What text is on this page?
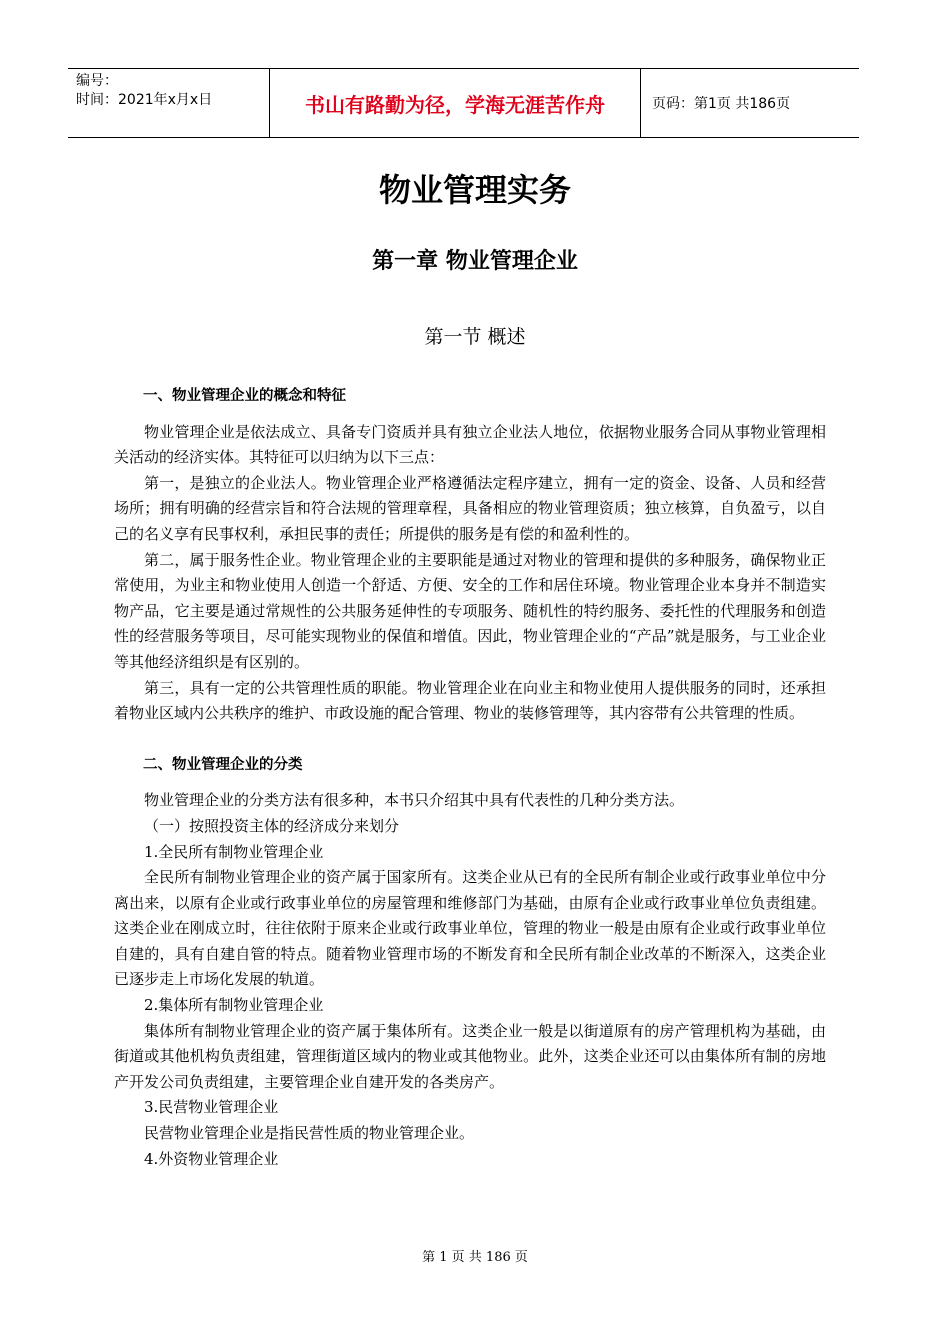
编号：
时间：2021年x月x日	书山有路勤为径，学海无涯苦作舟	页码：第1页 共186页
物业管理实务
第一章 物业管理企业
第一节 概述

一、物业管理企业的概念和特征

物业管理企业是依法成立、具备专门资质并具有独立企业法人地位，依据物业服务合同从事物业管理相关活动的经济实体。其特征可以归纳为以下三点：

第一，是独立的企业法人。物业管理企业严格遵循法定程序建立，拥有一定的资金、设备、人员和经营场所；拥有明确的经营宗旨和符合法规的管理章程，具备相应的物业管理资质；独立核算，自负盈亏，以自己的名义享有民事权利，承担民事的责任；所提供的服务是有偿的和盈利性的。

第二，属于服务性企业。物业管理企业的主要职能是通过对物业的管理和提供的多种服务，确保物业正常使用，为业主和物业使用人创造一个舒适、方便、安全的工作和居住环境。物业管理企业本身并不制造实物产品，它主要是通过常规性的公共服务延伸性的专项服务、随机性的特约服务、委托性的代理服务和创造性的经营服务等项目，尽可能实现物业的保值和增值。因此，物业管理企业的“产品”就是服务，与工业企业等其他经济组织是有区别的。

第三，具有一定的公共管理性质的职能。物业管理企业在向业主和物业使用人提供服务的同时，还承担着物业区域内公共秩序的维护、市政设施的配合管理、物业的装修管理等，其内容带有公共管理的性质。

二、物业管理企业的分类

物业管理企业的分类方法有很多种，本书只介绍其中具有代表性的几种分类方法。

（一）按照投资主体的经济成分来划分

1.全民所有制物业管理企业

全民所有制物业管理企业的资产属于国家所有。这类企业从已有的全民所有制企业或行政事业单位中分离出来，以原有企业或行政事业单位的房屋管理和维修部门为基础，由原有企业或行政事业单位负责组建。这类企业在刚成立时，往往依附于原来企业或行政事业单位，管理的物业一般是由原有企业或行政事业单位自建的，具有自建自管的特点。随着物业管理市场的不断发育和全民所有制企业改革的不断深入，这类企业已逐步走上市场化发展的轨道。

2.集体所有制物业管理企业

集体所有制物业管理企业的资产属于集体所有。这类企业一般是以街道原有的房产管理机构为基础，由街道或其他机构负责组建，管理街道区域内的物业或其他物业。此外，这类企业还可以由集体所有制的房地产开发公司负责组建，主要管理企业自建开发的各类房产。

3.民营物业管理企业

民营物业管理企业是指民营性质的物业管理企业。

4.外资物业管理企业

第 1 页 共 186 页
